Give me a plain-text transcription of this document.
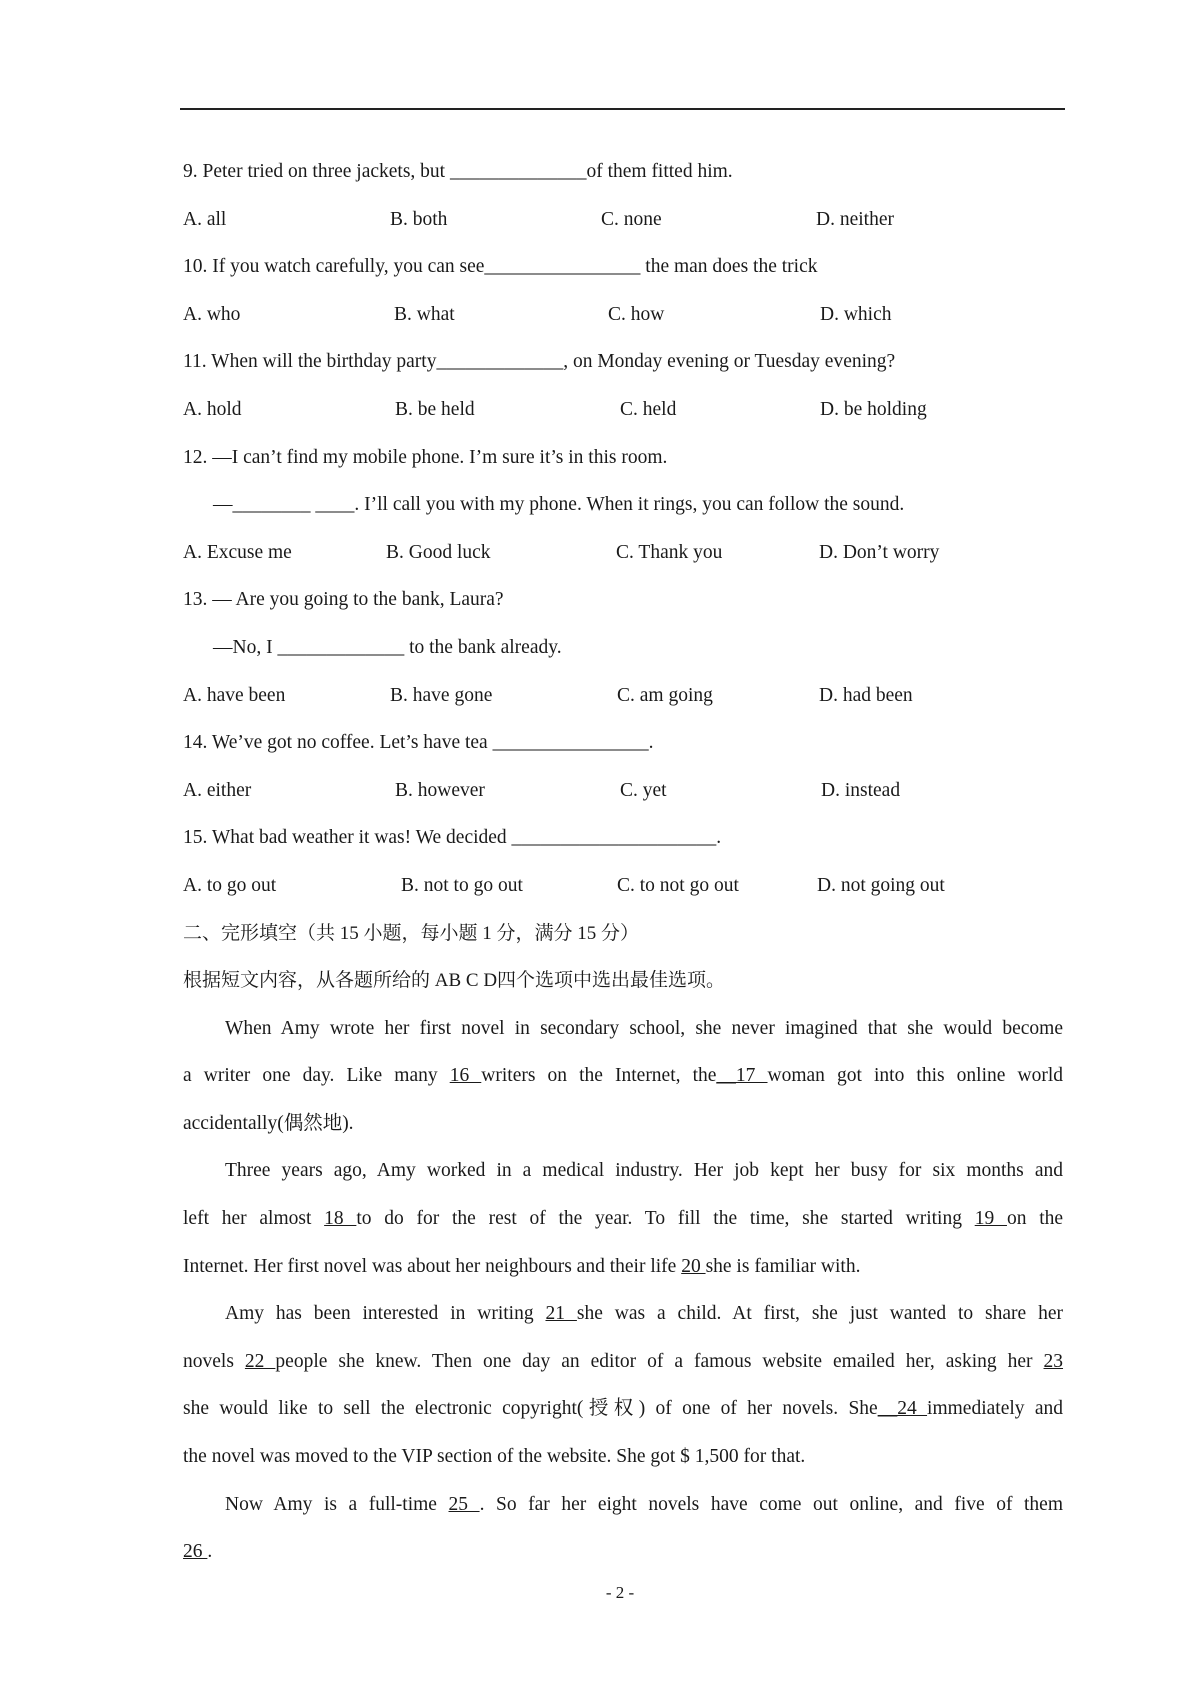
9. Peter tried on three jackets, but ______________of them fitted him.
A. all	B. both	C. none	D. neither
10. If you watch carefully, you can see________________ the man does the trick
A. who	B. what	C. how	D. which
11. When will the birthday party_____________, on Monday evening or Tuesday evening?
A. hold	B. be held	C. held	D. be holding
12. —I can’t find my mobile phone. I’m sure it’s in this room.
—________ ____. I’ll call you with my phone. When it rings, you can follow the sound.
A. Excuse me	B. Good luck	C. Thank you	D. Don’t worry
13. — Are you going to the bank, Laura?
—No, I _____________ to the bank already.
A. have been	B. have gone	C. am going	D. had been
14. We’ve got no coffee. Let’s have tea ________________.
A. either	B. however	C. yet	D. instead
15. What bad weather it was! We decided _____________________.
A. to go out	B. not to go out	C. to not go out	D. not going out
二、完形填空（共 15 小题，每小题 1 分，满分 15 分）
根据短文内容，从各题所给的 AB C D四个选项中选出最佳选项。
When Amy wrote her first novel in secondary school, she never imagined that she would become
a writer one day. Like many 16 writers on the Internet, the__17 woman got into this online world
accidentally(偶然地).
Three years ago, Amy worked in a medical industry. Her job kept her busy for six months and
left her almost 18 to do for the rest of the year. To fill the time, she started writing 19 on the
Internet. Her first novel was about her neighbours and their life 20 she is familiar with.
Amy has been interested in writing 21 she was a child. At first, she just wanted to share her
novels 22 people she knew. Then one day an editor of a famous website emailed her, asking her 23
she would like to sell the electronic copyright(授权) of one of her novels. She__24 immediately and
the novel was moved to the VIP section of the website. She got $ 1,500 for that.
Now Amy is a full-time 25 . So far her eight novels have come out online, and five of them
26 .
- 2 -
